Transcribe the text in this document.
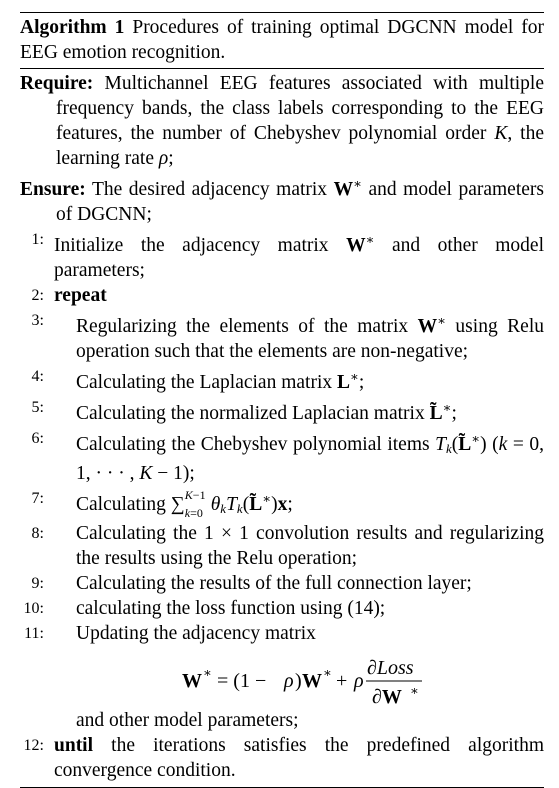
Algorithm 1 Procedures of training optimal DGCNN model for EEG emotion recognition.

Require: Multichannel EEG features associated with multiple frequency bands, the class labels corresponding to the EEG features, the number of Chebyshev polynomial order K, the learning rate ρ;

Ensure: The desired adjacency matrix W∗ and model parameters of DGCNN;

1: Initialize the adjacency matrix W∗ and other model parameters;
2: repeat
3: Regularizing the elements of the matrix W∗ using Relu operation such that the elements are non-negative;
4: Calculating the Laplacian matrix L∗;
5: Calculating the normalized Laplacian matrix L̃∗;
6: Calculating the Chebyshev polynomial items $T_k(L̃^∗) (k = 0$, 1, · · · , K − 1);
7: Calculating ∑ K−1
k=0 $\theta_kT_k(L̃^∗)x$;
8: Calculating the 1 × 1 convolution results and regularizing the results using the Relu operation;
9: Calculating the results of the full connection layer;
10: calculating the loss function using (14);
11: Updating the adjacency matrix
W ∗ = (1 − ρ ) W ∗ + ρ
∂Loss
∂W ∗
and other model parameters;
12: until the iterations satisfies the predefined algorithm convergence condition.
